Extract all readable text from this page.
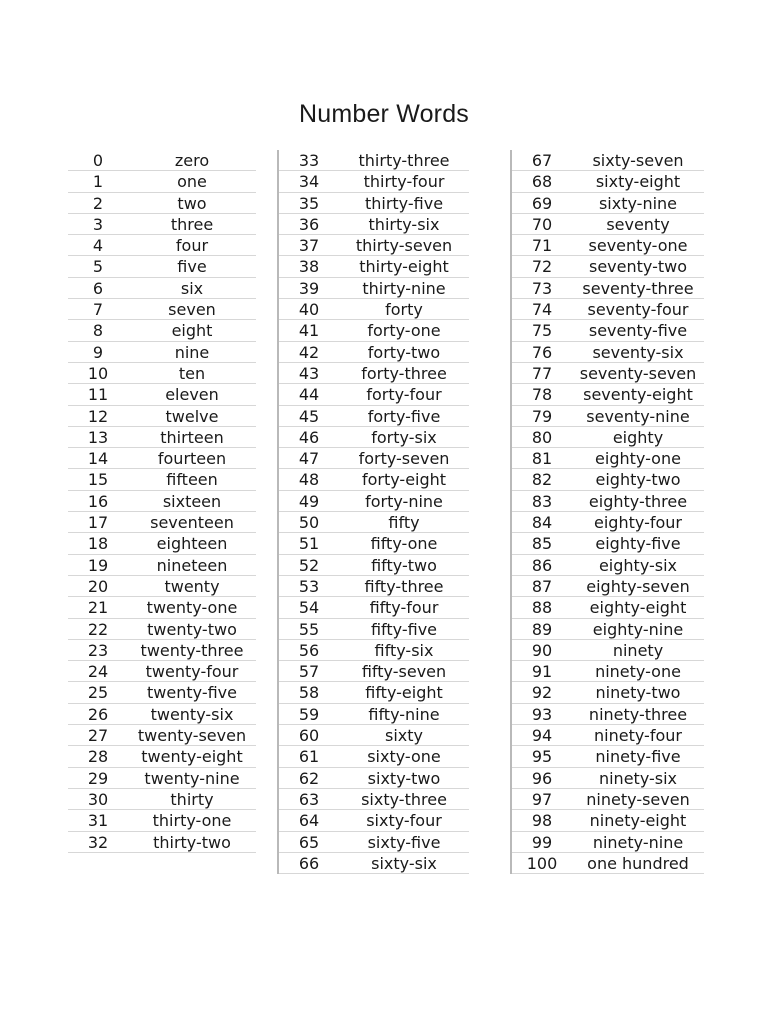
Number Words
0	zero
1	one
2	two
3	three
4	four
5	five
6	six
7	seven
8	eight
9	nine
10	ten
11	eleven
12	twelve
13	thirteen
14	fourteen
15	fifteen
16	sixteen
17	seventeen
18	eighteen
19	nineteen
20	twenty
21	twenty-one
22	twenty-two
23	twenty-three
24	twenty-four
25	twenty-five
26	twenty-six
27	twenty-seven
28	twenty-eight
29	twenty-nine
30	thirty
31	thirty-one
32	thirty-two
33	thirty-three
34	thirty-four
35	thirty-five
36	thirty-six
37	thirty-seven
38	thirty-eight
39	thirty-nine
40	forty
41	forty-one
42	forty-two
43	forty-three
44	forty-four
45	forty-five
46	forty-six
47	forty-seven
48	forty-eight
49	forty-nine
50	fifty
51	fifty-one
52	fifty-two
53	fifty-three
54	fifty-four
55	fifty-five
56	fifty-six
57	fifty-seven
58	fifty-eight
59	fifty-nine
60	sixty
61	sixty-one
62	sixty-two
63	sixty-three
64	sixty-four
65	sixty-five
66	sixty-six
67	sixty-seven
68	sixty-eight
69	sixty-nine
70	seventy
71	seventy-one
72	seventy-two
73	seventy-three
74	seventy-four
75	seventy-five
76	seventy-six
77	seventy-seven
78	seventy-eight
79	seventy-nine
80	eighty
81	eighty-one
82	eighty-two
83	eighty-three
84	eighty-four
85	eighty-five
86	eighty-six
87	eighty-seven
88	eighty-eight
89	eighty-nine
90	ninety
91	ninety-one
92	ninety-two
93	ninety-three
94	ninety-four
95	ninety-five
96	ninety-six
97	ninety-seven
98	ninety-eight
99	ninety-nine
100	one hundred
